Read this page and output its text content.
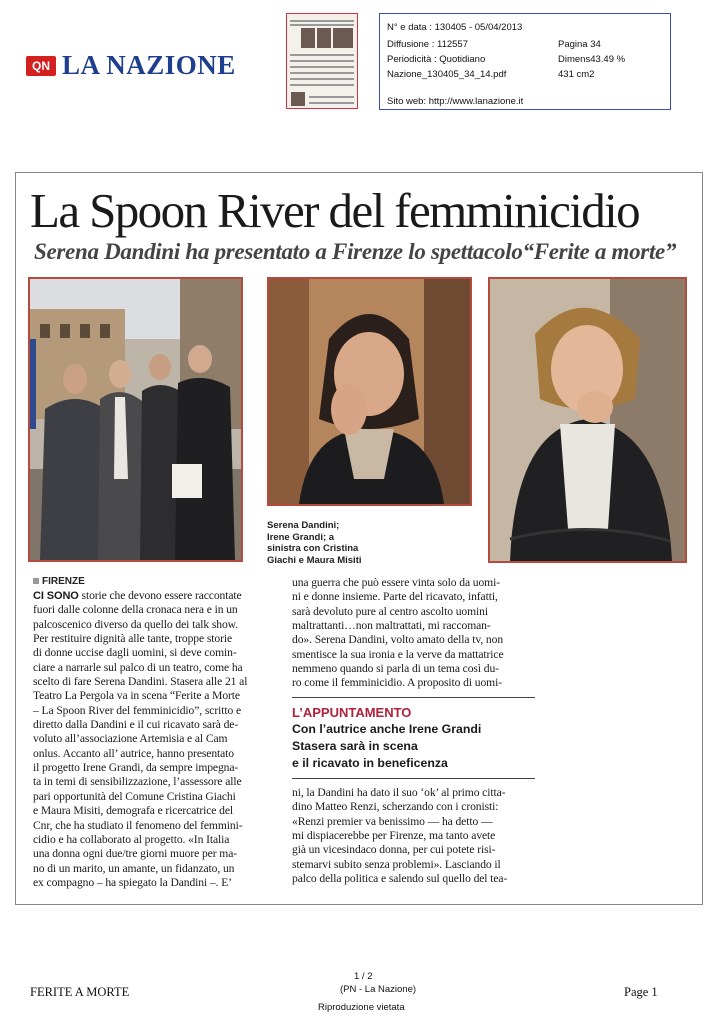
QN LA NAZIONE
N° e data : 130405 - 05/04/2013
Diffusione : 112557	Pagina 34
Periodicità : Quotidiano	Dimens43.49 %
Nazione_130405_34_14.pdf	431 cm2
Sito web: http://www.lanazione.it
La Spoon River del femminicidio
Serena Dandini ha presentato a Firenze lo spettacolo“Ferite a morte”
Serena Dandini;
Irene Grandi; a
sinistra con Cristina
Giachi e Maura Misiti
FIRENZE
CI SONO storie che devono essere raccontate
fuori dalle colonne della cronaca nera e in un
palcoscenico diverso da quello dei talk show.
Per restituire dignità alle tante, troppe storie
di donne uccise dagli uomini, si deve comin-
ciare a narrarle sul palco di un teatro, come ha
scelto di fare Serena Dandini. Stasera alle 21 al
Teatro La Pergola va in scena “Ferite a Morte
– La Spoon River del femminicidio”, scritto e
diretto dalla Dandini e il cui ricavato sarà de-
voluto all’associazione Artemisia e al Cam
onlus. Accanto all’ autrice, hanno presentato
il progetto Irene Grandi, da sempre impegna-
ta in temi di sensibilizzazione, l’assessore alle
pari opportunità del Comune Cristina Giachi
e Maura Misiti, demografa e ricercatrice del
Cnr, che ha studiato il fenomeno del femmini-
cidio e ha collaborato al progetto. «In Italia
una donna ogni due/tre giorni muore per ma-
no di un marito, un amante, un fidanzato, un
ex compagno – ha spiegato la Dandini –. E’
una guerra che può essere vinta solo da uomi-
ni e donne insieme. Parte del ricavato, infatti,
sarà devoluto pure al centro ascolto uomini
maltrattanti…non maltrattati, mi raccoman-
do». Serena Dandini, volto amato della tv, non
smentisce la sua ironia e la verve da mattatrice
nemmeno quando si parla di un tema così du-
ro come il femminicidio. A proposito di uomi-
L’APPUNTAMENTO
Con l’autrice anche Irene Grandi
Stasera sarà in scena
e il ricavato in beneficenza
ni, la Dandini ha dato il suo ‘ok’ al primo citta-
dino Matteo Renzi, scherzando con i cronisti:
«Renzi premier va benissimo — ha detto —
mi dispiacerebbe per Firenze, ma tanto avete
già un vicesindaco donna, per cui potete risi-
stemarvi subito senza problemi». Lasciando il
palco della politica e salendo sul quello del tea-
FERITE A MORTE
1 / 2
(PN - La Nazione)	Page 1
Riproduzione vietata
